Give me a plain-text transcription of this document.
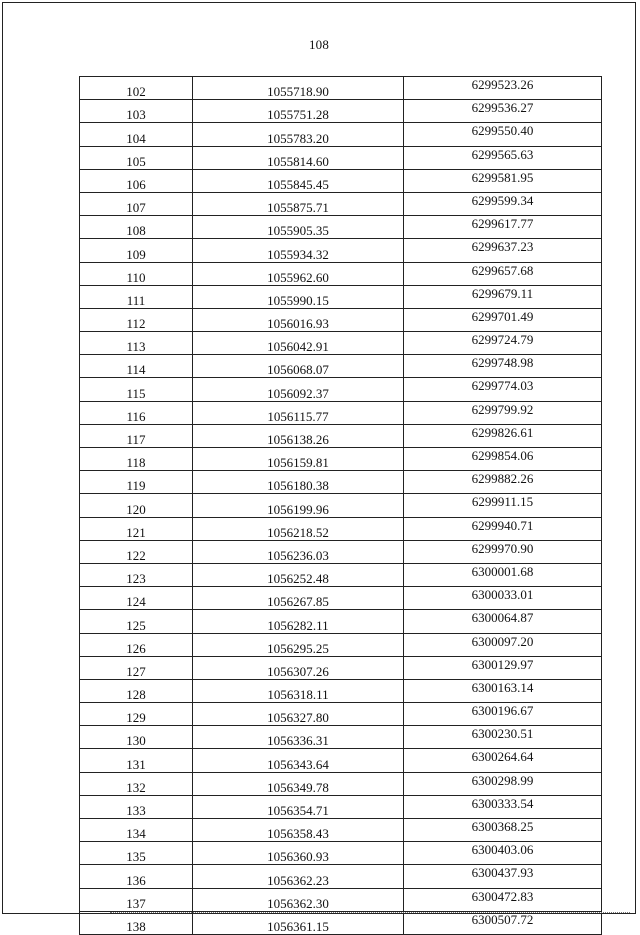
108
102	1055718.90	6299523.26
103	1055751.28	6299536.27
104	1055783.20	6299550.40
105	1055814.60	6299565.63
106	1055845.45	6299581.95
107	1055875.71	6299599.34
108	1055905.35	6299617.77
109	1055934.32	6299637.23
110	1055962.60	6299657.68
111	1055990.15	6299679.11
112	1056016.93	6299701.49
113	1056042.91	6299724.79
114	1056068.07	6299748.98
115	1056092.37	6299774.03
116	1056115.77	6299799.92
117	1056138.26	6299826.61
118	1056159.81	6299854.06
119	1056180.38	6299882.26
120	1056199.96	6299911.15
121	1056218.52	6299940.71
122	1056236.03	6299970.90
123	1056252.48	6300001.68
124	1056267.85	6300033.01
125	1056282.11	6300064.87
126	1056295.25	6300097.20
127	1056307.26	6300129.97
128	1056318.11	6300163.14
129	1056327.80	6300196.67
130	1056336.31	6300230.51
131	1056343.64	6300264.64
132	1056349.78	6300298.99
133	1056354.71	6300333.54
134	1056358.43	6300368.25
135	1056360.93	6300403.06
136	1056362.23	6300437.93
137	1056362.30	6300472.83
138	1056361.15	6300507.72
